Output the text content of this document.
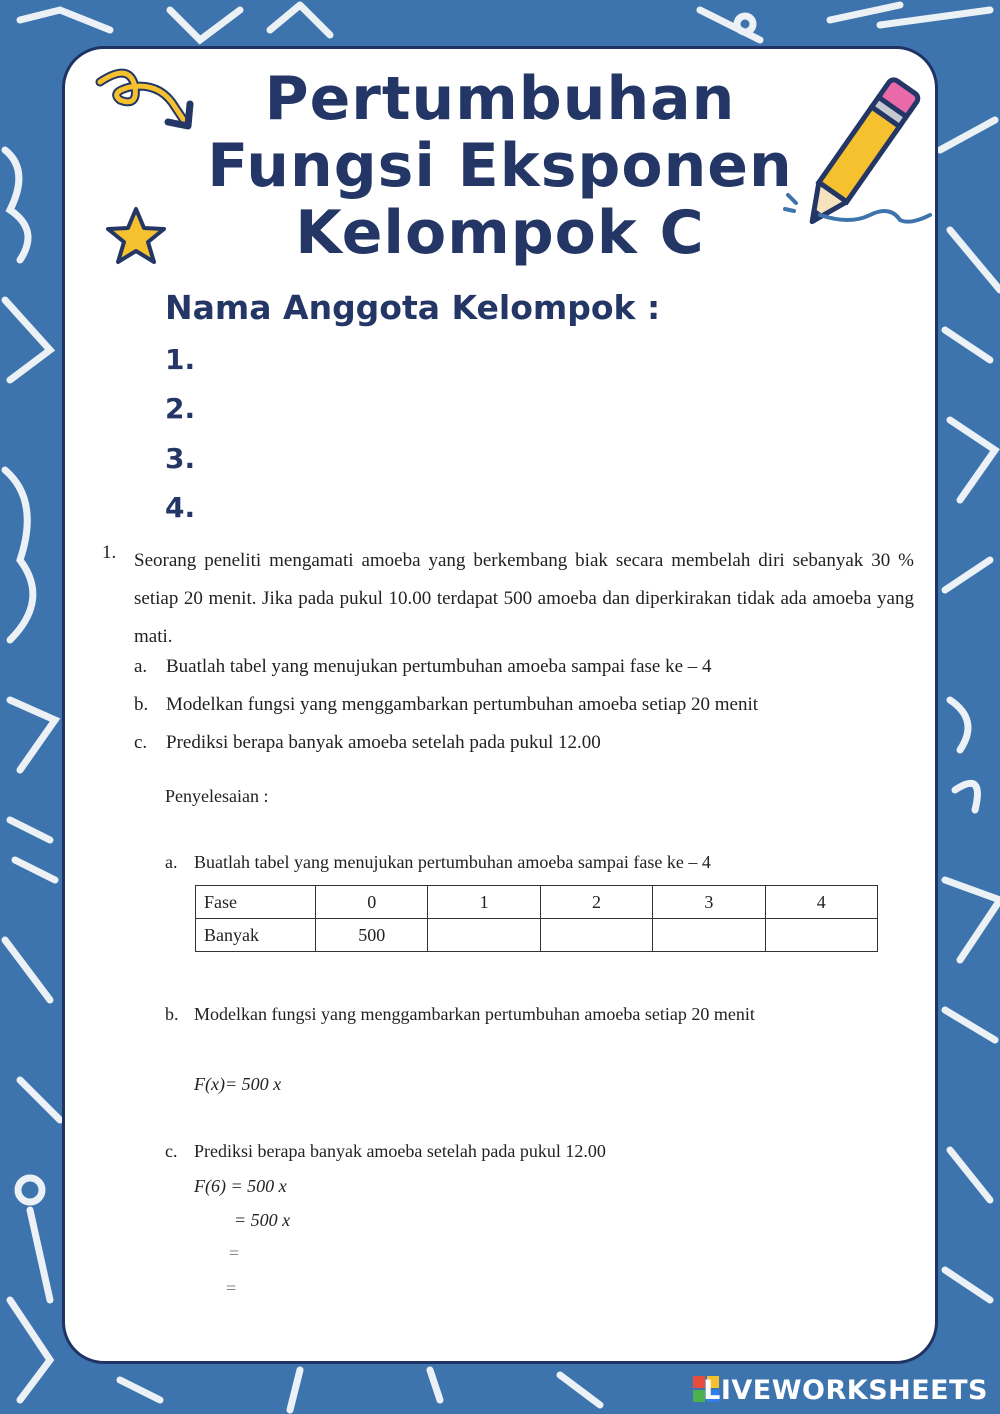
Pertumbuhan
Fungsi Eksponen
Kelompok C
Nama Anggota Kelompok :
1.
2.
3.
4.
1. Seorang peneliti mengamati amoeba yang berkembang biak secara membelah diri sebanyak 30 % setiap 20 menit. Jika pada pukul 10.00 terdapat 500 amoeba dan diperkirakan tidak ada amoeba yang mati.
a. Buatlah tabel yang menujukan pertumbuhan amoeba sampai fase ke – 4
b. Modelkan fungsi yang menggambarkan pertumbuhan amoeba setiap 20 menit
c. Prediksi berapa banyak amoeba setelah pada pukul 12.00
Penyelesaian :
a. Buatlah tabel yang menujukan pertumbuhan amoeba sampai fase ke – 4
Fase	0	1	2	3	4
Banyak	500				
b. Modelkan fungsi yang menggambarkan pertumbuhan amoeba setiap 20 menit
F(x)= 500 x
c. Prediksi berapa banyak amoeba setelah pada pukul 12.00
F(6) = 500 x
= 500 x
=
=
LIVEWORKSHEETS
